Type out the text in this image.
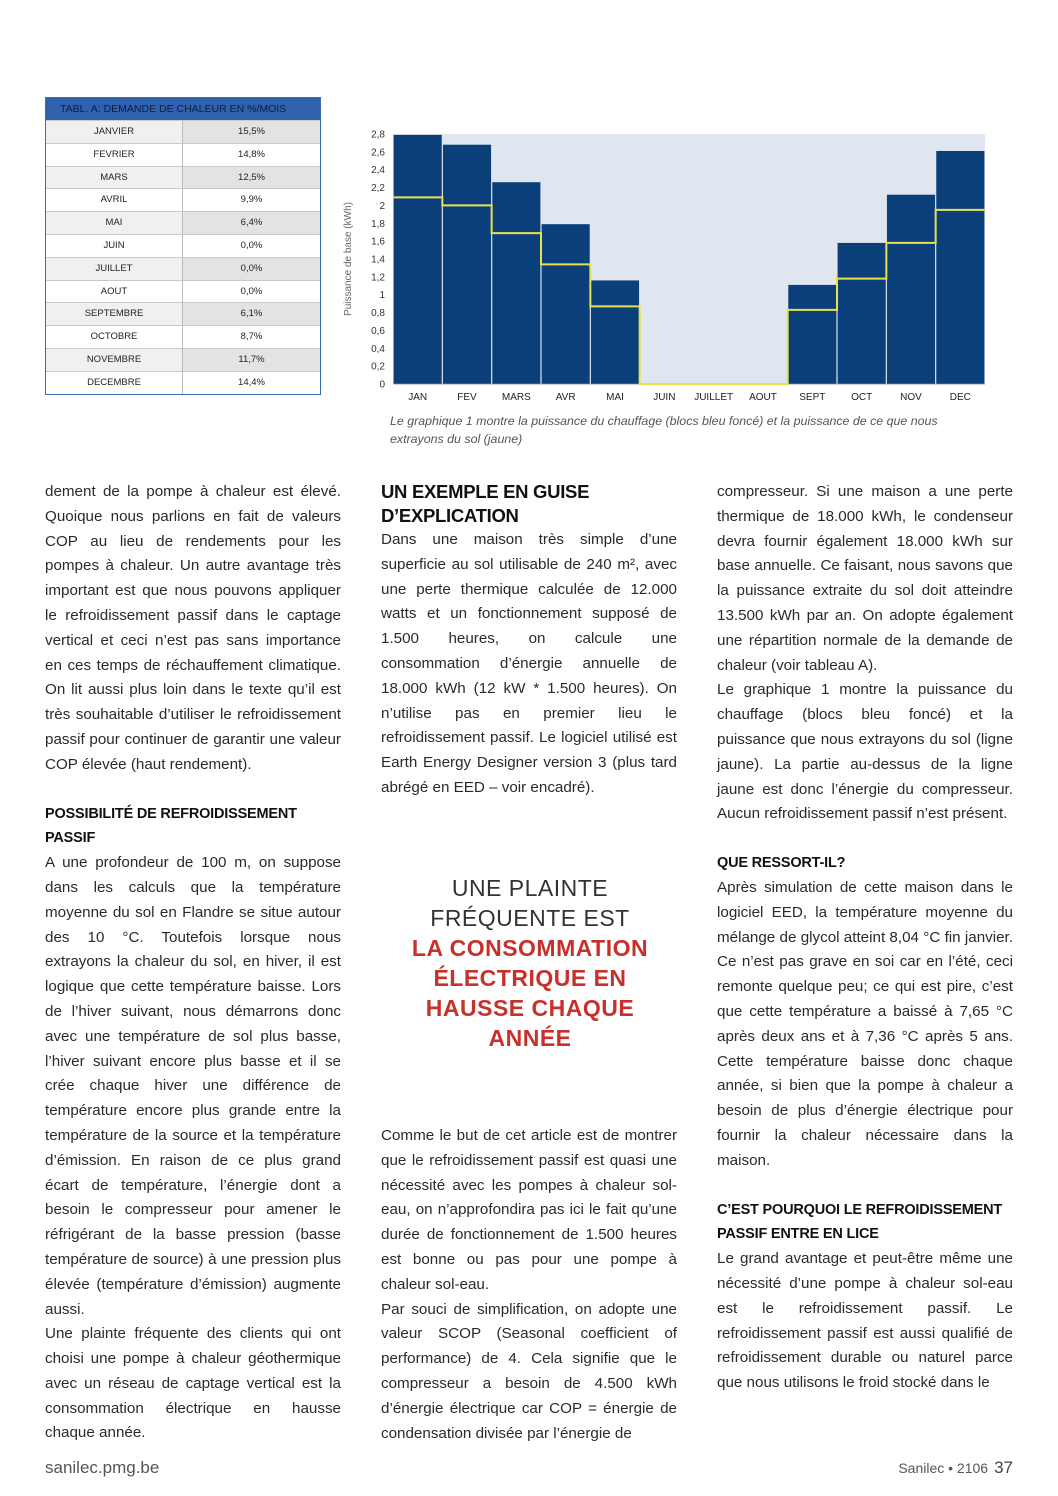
TABL. A: DEMANDE DE CHALEUR EN %/MOIS
JANVIER	15,5%
FEVRIER	14,8%
MARS	12,5%
AVRIL	9,9%
MAI	6,4%
JUIN	0,0%
JUILLET	0,0%
AOUT	0,0%
SEPTEMBRE	6,1%
OCTOBRE	8,7%
NOVEMBRE	11,7%
DECEMBRE	14,4%	0
0,2
0,4
0,6
0,8
1
1,2
1,4
1,6
1,8
2
2,2
2,4
2,6
2,8
Puissance de base (kWh)
JAN	FEV	MARS AVR	MAI	JUIN JUILLET AOUT SEPT	OCT	NOV	DEC
Le graphique 1 montre la puissance du chauffage (blocs bleu foncé) et la puissance de ce que nous extrayons du sol (jaune)

dement de la pompe à chaleur est élevé. Quoique nous parlions en fait de valeurs COP au lieu de rendements pour les pompes à chaleur. Un autre avantage très important est que nous pouvons appliquer le refroidissement passif dans le captage vertical et ceci n’est pas sans importance en ces temps de réchauffement climatique. On lit aussi plus loin dans le texte qu’il est très souhaitable d’utiliser le refroidissement passif pour continuer de garantir une valeur COP élevée (haut rendement).

POSSIBILITÉ DE REFROIDISSEMENT PASSIF

A une profondeur de 100 m, on suppose dans les calculs que la température moyenne du sol en Flandre se situe autour des 10 °C. Toutefois lorsque nous extrayons la chaleur du sol, en hiver, il est logique que cette température baisse. Lors de l’hiver suivant, nous démarrons donc avec une température de sol plus basse, l’hiver suivant encore plus basse et il se crée chaque hiver une différence de température encore plus grande entre la température de la source et la température d’émission. En raison de ce plus grand écart de température, l’énergie dont a besoin le compresseur pour amener le réfrigérant de la basse pression (basse température de source) à une pression plus élevée (température d’émission) augmente aussi.

Une plainte fréquente des clients qui ont choisi une pompe à chaleur géothermique avec un réseau de captage vertical est la consommation électrique en hausse chaque année.

UN EXEMPLE EN GUISE D’EXPLICATION

Dans une maison très simple d’une superficie au sol utilisable de 240 m², avec une perte thermique calculée de 12.000 watts et un fonctionnement supposé de 1.500 heures, on calcule une consommation d’énergie annuelle de 18.000 kWh (12 kW * 1.500 heures). On n’utilise pas en premier lieu le refroidissement passif. Le logiciel utilisé est Earth Energy Designer version 3 (plus tard abrégé en EED – voir encadré).

UNE PLAINTE
FRÉQUENTE EST
LA CONSOMMATION
ÉLECTRIQUE EN
HAUSSE CHAQUE
ANNÉE

Comme le but de cet article est de montrer que le refroidissement passif est quasi une nécessité avec les pompes à chaleur sol-eau, on n’approfondira pas ici le fait qu’une durée de fonctionnement de 1.500 heures est bonne ou pas pour une pompe à chaleur sol-eau.

Par souci de simplification, on adopte une valeur SCOP (Seasonal coefficient of performance) de 4. Cela signifie que le compresseur a besoin de 4.500 kWh d’énergie électrique car COP = énergie de condensation divisée par l’énergie de

compresseur. Si une maison a une perte thermique de 18.000 kWh, le condenseur devra fournir également 18.000 kWh sur base annuelle. Ce faisant, nous savons que la puissance extraite du sol doit atteindre 13.500 kWh par an. On adopte également une répartition normale de la demande de chaleur (voir tableau A).

Le graphique 1 montre la puissance du chauffage (blocs bleu foncé) et la puissance que nous extrayons du sol (ligne jaune). La partie au-dessus de la ligne jaune est donc l’énergie du compresseur. Aucun refroidissement passif n’est présent.

QUE RESSORT-IL?

Après simulation de cette maison dans le logiciel EED, la température moyenne du mélange de glycol atteint 8,04 °C fin janvier. Ce n’est pas grave en soi car en l’été, ceci remonte quelque peu; ce qui est pire, c’est que cette température a baissé à 7,65 °C après deux ans et à 7,36 °C après 5 ans. Cette température baisse donc chaque année, si bien que la pompe à chaleur a besoin de plus d’énergie électrique pour fournir la chaleur nécessaire dans la maison.

C’EST POURQUOI LE REFROIDISSEMENT PASSIF ENTRE EN LICE

Le grand avantage et peut-être même une nécessité d’une pompe à chaleur sol-eau est le refroidissement passif. Le refroidissement passif est aussi qualifié de refroidissement durable ou naturel parce que nous utilisons le froid stocké dans le

sanilec.pmg.be	Sanilec • 2106 37
